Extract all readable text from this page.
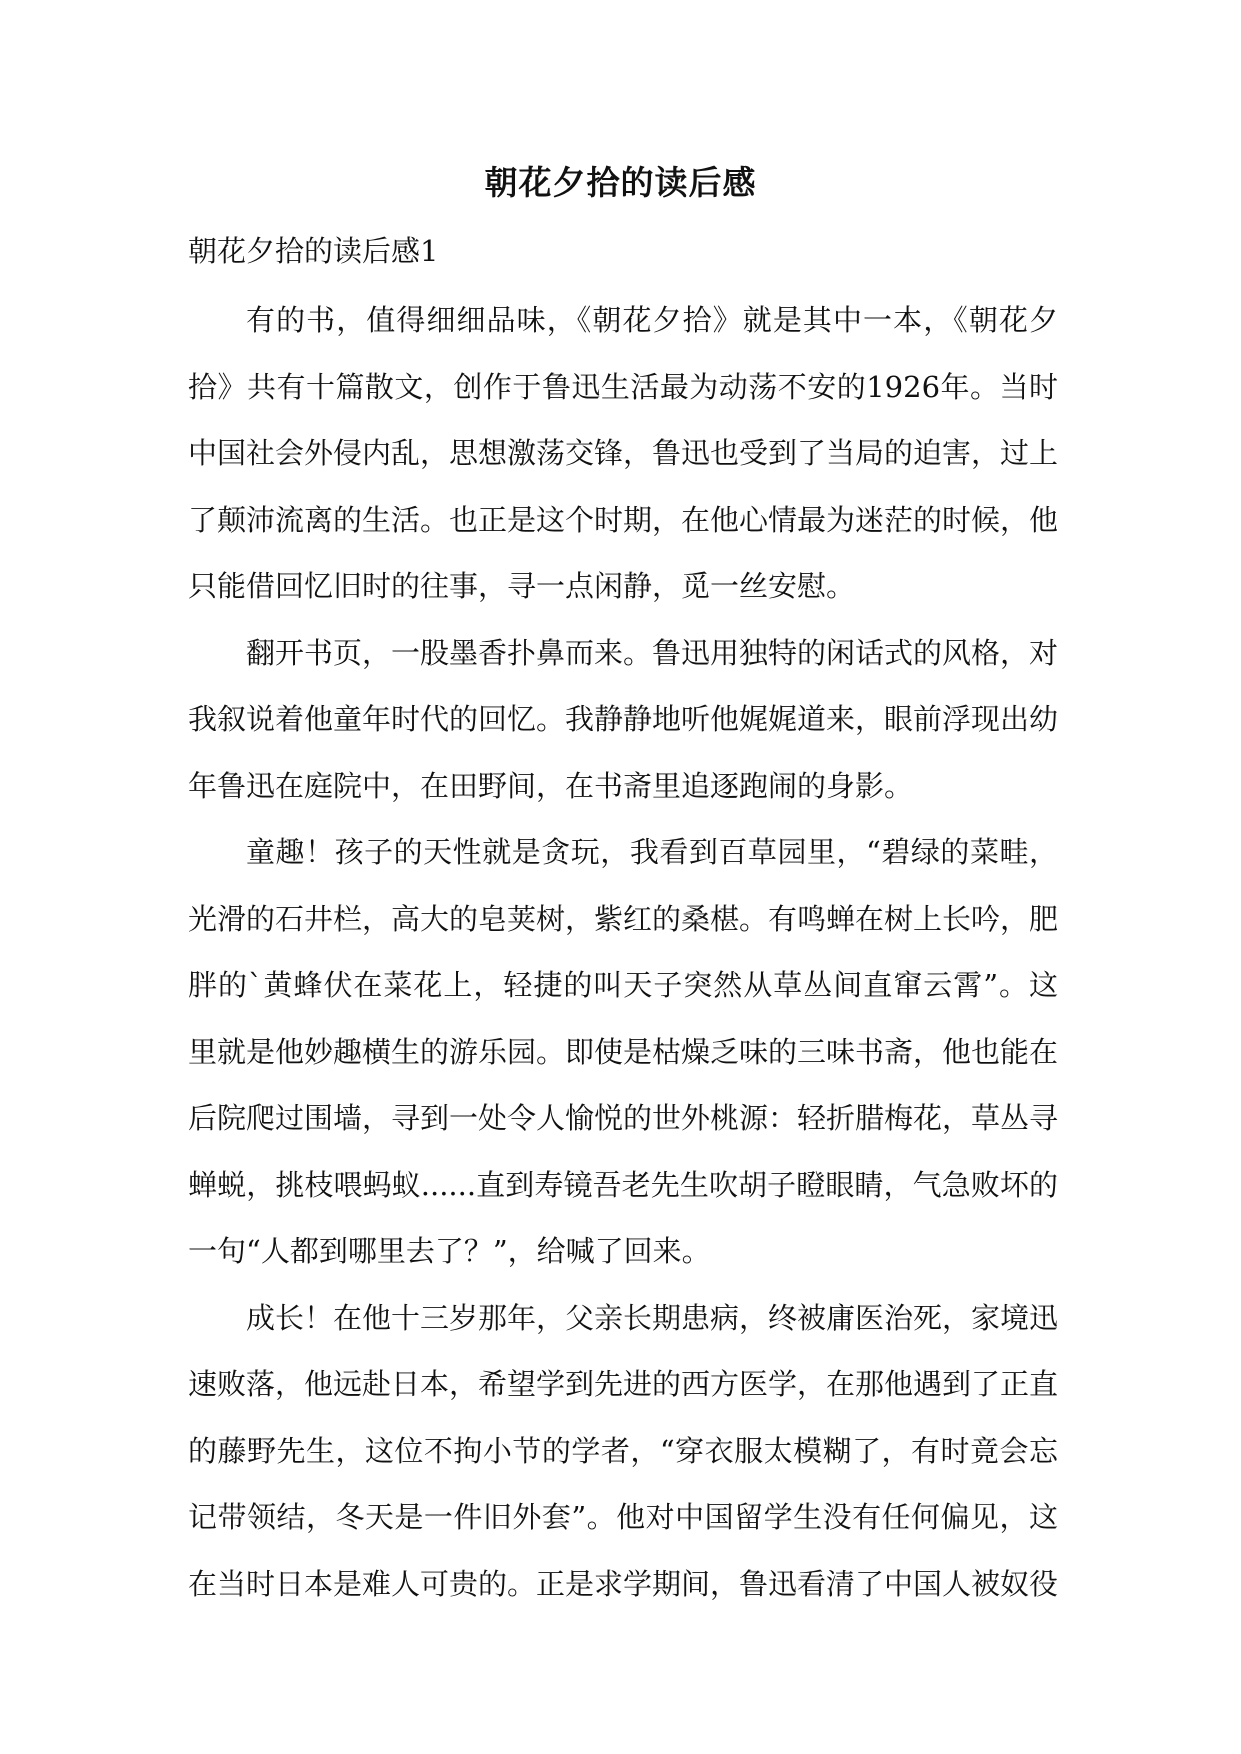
朝花夕拾的读后感
朝花夕拾的读后感1

有的书，值得细细品味，《朝花夕拾》就是其中一本，《朝花夕拾》共有十篇散文，创作于鲁迅生活最为动荡不安的1926年。当时中国社会外侵内乱，思想激荡交锋，鲁迅也受到了当局的迫害，过上了颠沛流离的生活。也正是这个时期，在他心情最为迷茫的时候，他只能借回忆旧时的往事，寻一点闲静，觅一丝安慰。

翻开书页，一股墨香扑鼻而来。鲁迅用独特的闲话式的风格，对我叙说着他童年时代的回忆。我静静地听他娓娓道来，眼前浮现出幼年鲁迅在庭院中，在田野间，在书斋里追逐跑闹的身影。

童趣！孩子的天性就是贪玩，我看到百草园里，“碧绿的菜畦，光滑的石井栏，高大的皂荚树，紫红的桑椹。有鸣蝉在树上长吟，肥胖的`黄蜂伏在菜花上，轻捷的叫天子突然从草丛间直窜云霄”。这里就是他妙趣横生的游乐园。即使是枯燥乏味的三味书斋，他也能在后院爬过围墙，寻到一处令人愉悦的世外桃源：轻折腊梅花，草丛寻蝉蜕，挑枝喂蚂蚁......直到寿镜吾老先生吹胡子瞪眼睛，气急败坏的一句“人都到哪里去了？”，给喊了回来。

成长！在他十三岁那年，父亲长期患病，终被庸医治死，家境迅速败落，他远赴日本，希望学到先进的西方医学，在那他遇到了正直的藤野先生，这位不拘小节的学者，“穿衣服太模糊了，有时竟会忘记带领结，冬天是一件旧外套”。他对中国留学生没有任何偏见，这在当时日本是难人可贵的。正是求学期间，鲁迅看清了中国人被奴役
